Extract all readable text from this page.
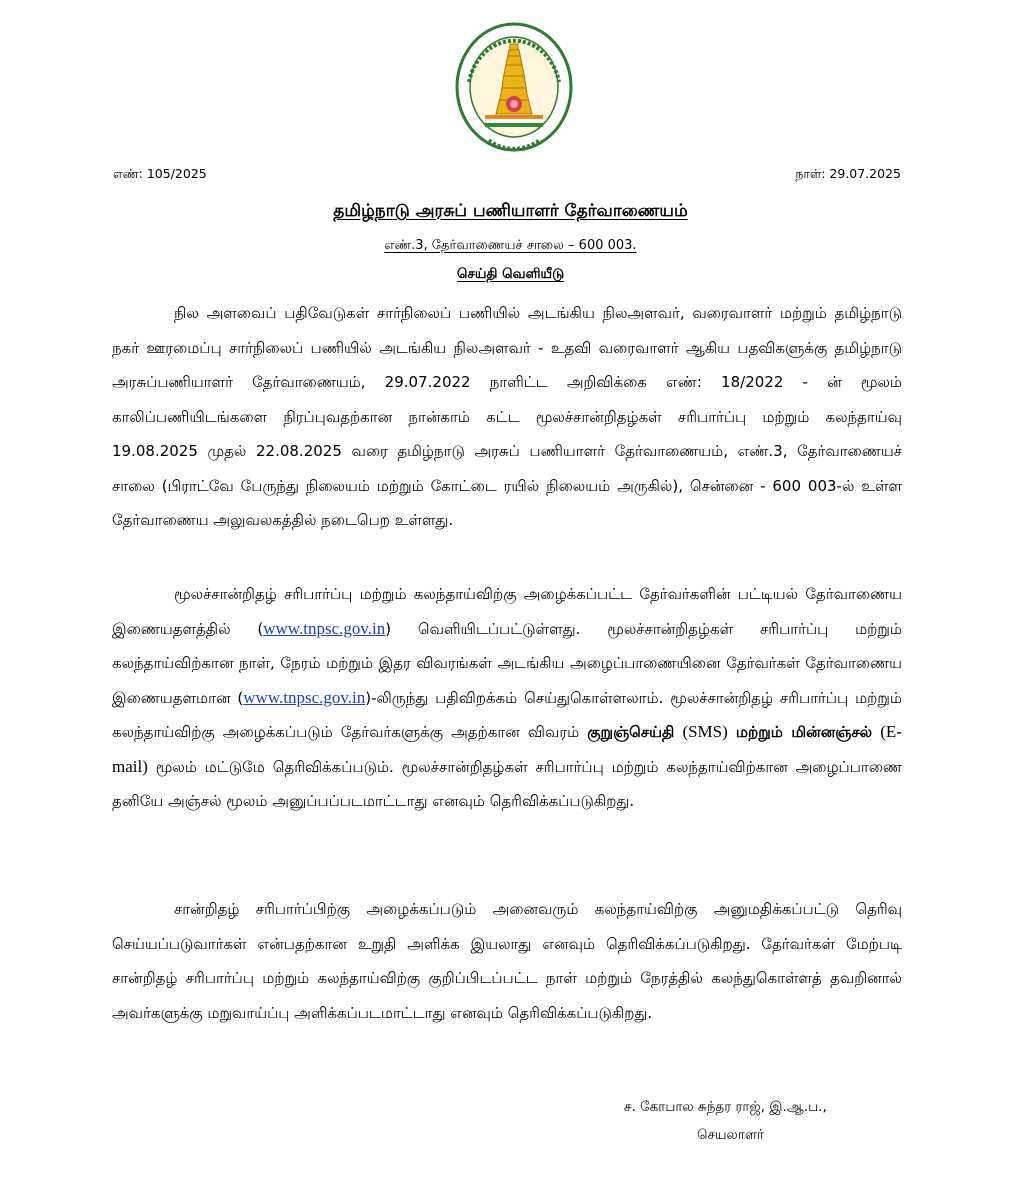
எண்: 105/2025	நாள்: 29.07.2025
தமிழ்நாடு அரசுப் பணியாளர் தேர்வாணையம்
எண்.3, தேர்வாணையச் சாலை – 600 003.
செய்தி வெளியீடு

நில அளவைப் பதிவேடுகள் சார்நிலைப் பணியில் அடங்கிய நிலஅளவர், வரைவாளர் மற்றும் தமிழ்நாடு நகர் ஊரமைப்பு சார்நிலைப் பணியில் அடங்கிய நிலஅளவர் - உதவி வரைவாளர் ஆகிய பதவிகளுக்கு தமிழ்நாடு அரசுப்பணியாளர் தேர்வாணையம், 29.07.2022 நாளிட்ட அறிவிக்கை எண்: 18/2022 - ன் மூலம் காலிப்பணியிடங்களை நிரப்புவதற்கான நான்காம் கட்ட மூலச்சான்றிதழ்கள் சரிபார்ப்பு மற்றும் கலந்தாய்வு 19.08.2025 முதல் 22.08.2025 வரை தமிழ்நாடு அரசுப் பணியாளர் தேர்வாணையம், எண்.3, தேர்வாணையச் சாலை (பிராட்வே பேருந்து நிலையம் மற்றும் கோட்டை ரயில் நிலையம் அருகில்), சென்னை - 600 003-ல் உள்ள தேர்வாணைய அலுவலகத்தில் நடைபெற உள்ளது.

மூலச்சான்றிதழ் சரிபார்ப்பு மற்றும் கலந்தாய்விற்கு அழைக்கப்பட்ட தேர்வர்களின் பட்டியல் தேர்வாணைய இணையதளத்தில் (www.tnpsc.gov.in) வெளியிடப்பட்டுள்ளது. மூலச்சான்றிதழ்கள் சரிபார்ப்பு மற்றும் கலந்தாய்விற்கான நாள், நேரம் மற்றும் இதர விவரங்கள் அடங்கிய அழைப்பாணையினை தேர்வர்கள் தேர்வாணைய இணையதளமான (www.tnpsc.gov.in)-லிருந்து பதிவிறக்கம் செய்துகொள்ளலாம். மூலச்சான்றிதழ் சரிபார்ப்பு மற்றும் கலந்தாய்விற்கு அழைக்கப்படும் தேர்வர்களுக்கு அதற்கான விவரம் குறுஞ்செய்தி (SMS) மற்றும் மின்னஞ்சல் (E-mail) மூலம் மட்டுமே தெரிவிக்கப்படும். மூலச்சான்றிதழ்கள் சரிபார்ப்பு மற்றும் கலந்தாய்விற்கான அழைப்பாணை தனியே அஞ்சல் மூலம் அனுப்பப்படமாட்டாது எனவும் தெரிவிக்கப்படுகிறது.

சான்றிதழ் சரிபார்ப்பிற்கு அழைக்கப்படும் அனைவரும் கலந்தாய்விற்கு அனுமதிக்கப்பட்டு தெரிவு செய்யப்படுவார்கள் என்பதற்கான உறுதி அளிக்க இயலாது எனவும் தெரிவிக்கப்படுகிறது. தேர்வர்கள் மேற்படி சான்றிதழ் சரிபார்ப்பு மற்றும் கலந்தாய்விற்கு குறிப்பிடப்பட்ட நாள் மற்றும் நேரத்தில் கலந்துகொள்ளத் தவறினால் அவர்களுக்கு மறுவாய்ப்பு அளிக்கப்படமாட்டாது எனவும் தெரிவிக்கப்படுகிறது.

ச. கோபால சுந்தர ராஜ், இ.ஆ.ப.,
செயலாளர்
